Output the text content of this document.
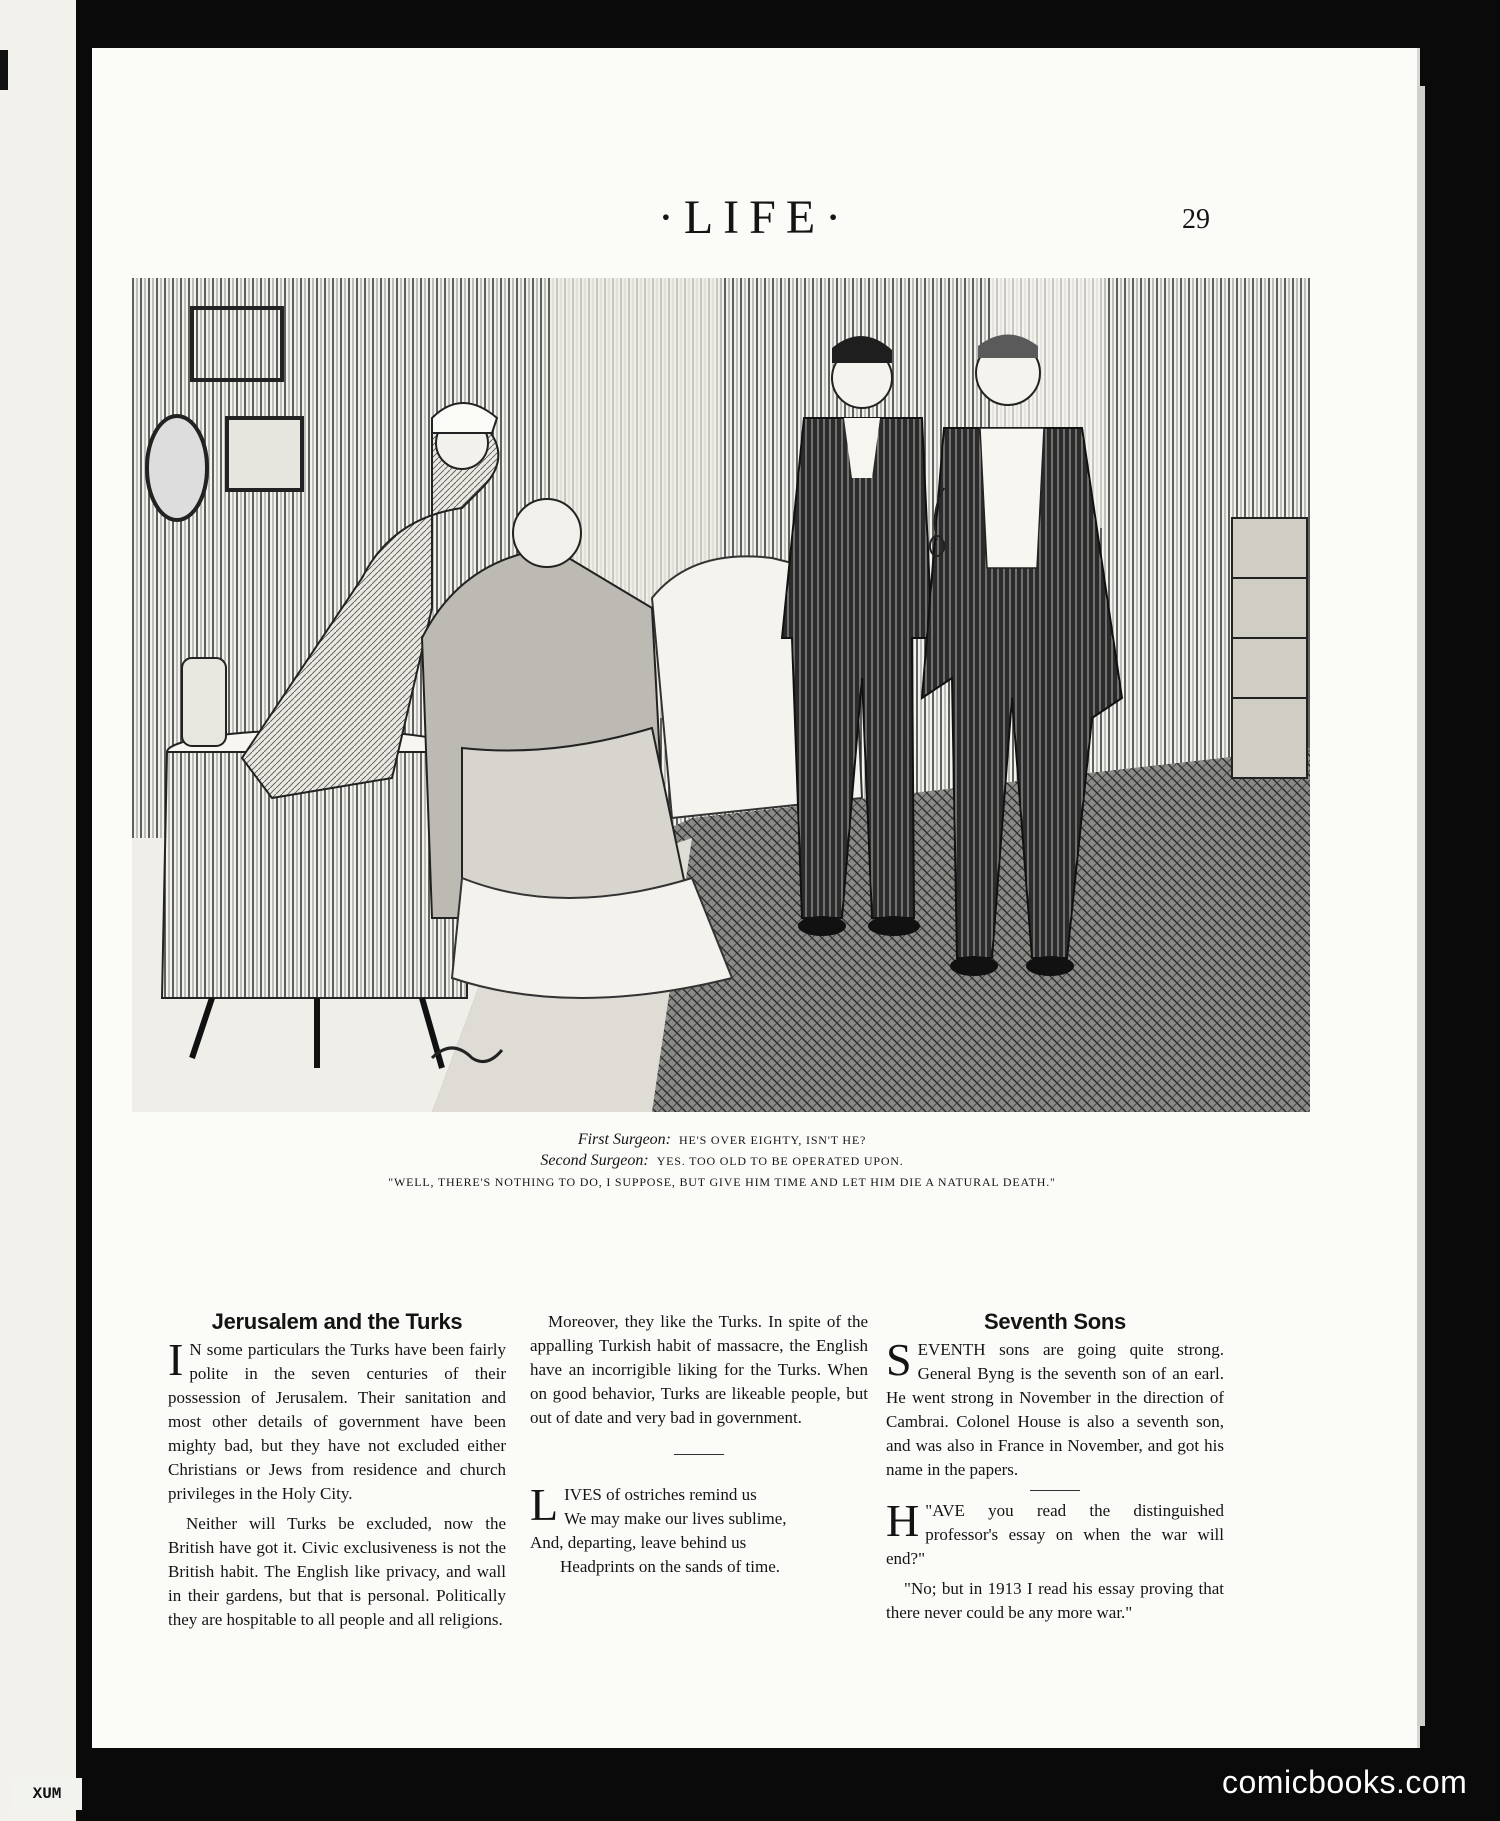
·LIFE·	29
First Surgeon: HE'S OVER EIGHTY, ISN'T HE?
Second Surgeon: YES. TOO OLD TO BE OPERATED UPON.
"WELL, THERE'S NOTHING TO DO, I SUPPOSE, BUT GIVE HIM TIME AND LET HIM DIE A NATURAL DEATH."
Jerusalem and the Turks

I N some particulars the Turks have been fairly polite in the seven centuries of their possession of Jerusalem. Their sanitation and most other details of government have been mighty bad, but they have not excluded either Christians or Jews from residence and church privileges in the Holy City.

Neither will Turks be excluded, now the British have got it. Civic exclusiveness is not the British habit. The English like privacy, and wall in their gardens, but that is personal. Politically they are hospitable to all people and all religions.

Moreover, they like the Turks. In spite of the appalling Turkish habit of massacre, the English have an incorrigible liking for the Turks. When on good behavior, Turks are likeable people, but out of date and very bad in government.

LIVES of ostriches remind us

We may make our lives sublime,

And, departing, leave behind us

Headprints on the sands of time.

Seventh Sons

SEVENTH sons are going quite strong. General Byng is the seventh son of an earl. He went strong in November in the direction of Cambrai. Colonel House is also a seventh son, and was also in France in November, and got his name in the papers.

"
H AVE you read the distinguished professor's essay on when the war will end?"

"No; but in 1913 I read his essay proving that there never could be any more war."

XUM	comicbooks.com
